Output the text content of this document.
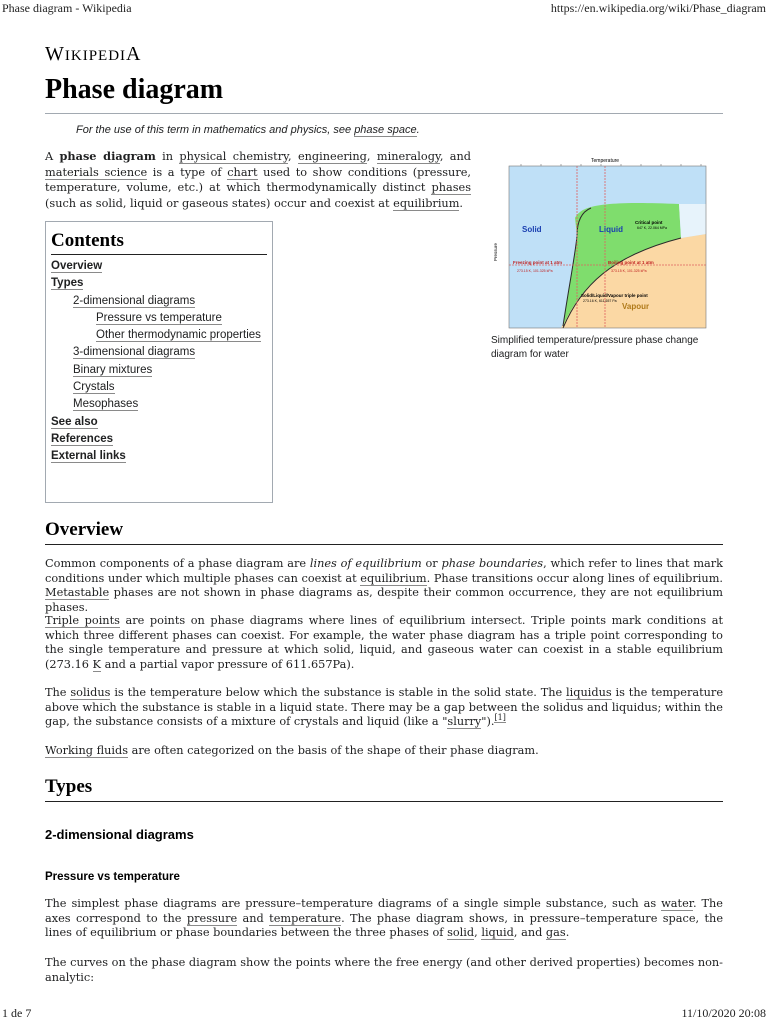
Phase diagram - Wikipedia	https://en.wikipedia.org/wiki/Phase_diagram
WIKIPEDIA
Phase diagram
For the use of this term in mathematics and physics, see phase space.

A phase diagram in physical chemistry, engineering, mineralogy, and materials science is a type of chart used to show conditions (pressure, temperature, volume, etc.) at which thermodynamically distinct phases (such as solid, liquid or gaseous states) occur and coexist at equilibrium.

Temperature
Pressure
Solid	Liquid
Vapour
Critical point
647 K, 22.064 MPa
Freezing point at 1 atm
273.15 K, 101.325 kPa
Boiling point at 1 atm
373.15 K, 101.325 kPa
Solid/Liquid/Vapour triple point
273.16 K, 611.657 Pa
Simplified temperature/pressure phase change diagram for water
Contents
Overview
Types
2-dimensional diagrams
Pressure vs temperature
Other thermodynamic properties
3-dimensional diagrams
Binary mixtures
Crystals
Mesophases
See also
References
External links
Overview

Common components of a phase diagram are lines of equilibrium or phase boundaries, which refer to lines that mark conditions under which multiple phases can coexist at equilibrium. Phase transitions occur along lines of equilibrium. Metastable phases are not shown in phase diagrams as, despite their common occurrence, they are not equilibrium phases.

Triple points are points on phase diagrams where lines of equilibrium intersect. Triple points mark conditions at which three different phases can coexist. For example, the water phase diagram has a triple point corresponding to the single temperature and pressure at which solid, liquid, and gaseous water can coexist in a stable equilibrium (273.16 K and a partial vapor pressure of 611.657Pa).

The solidus is the temperature below which the substance is stable in the solid state. The liquidus is the temperature above which the substance is stable in a liquid state. There may be a gap between the solidus and liquidus; within the gap, the substance consists of a mixture of crystals and liquid (like a "slurry").[1]

Working fluids are often categorized on the basis of the shape of their phase diagram.

Types
2-dimensional diagrams
Pressure vs temperature

The simplest phase diagrams are pressure–temperature diagrams of a single simple substance, such as water. The axes correspond to the pressure and temperature. The phase diagram shows, in pressure–temperature space, the lines of equilibrium or phase boundaries between the three phases of solid, liquid, and gas.

The curves on the phase diagram show the points where the free energy (and other derived properties) becomes non-analytic:

1 de 7	11/10/2020 20:08
